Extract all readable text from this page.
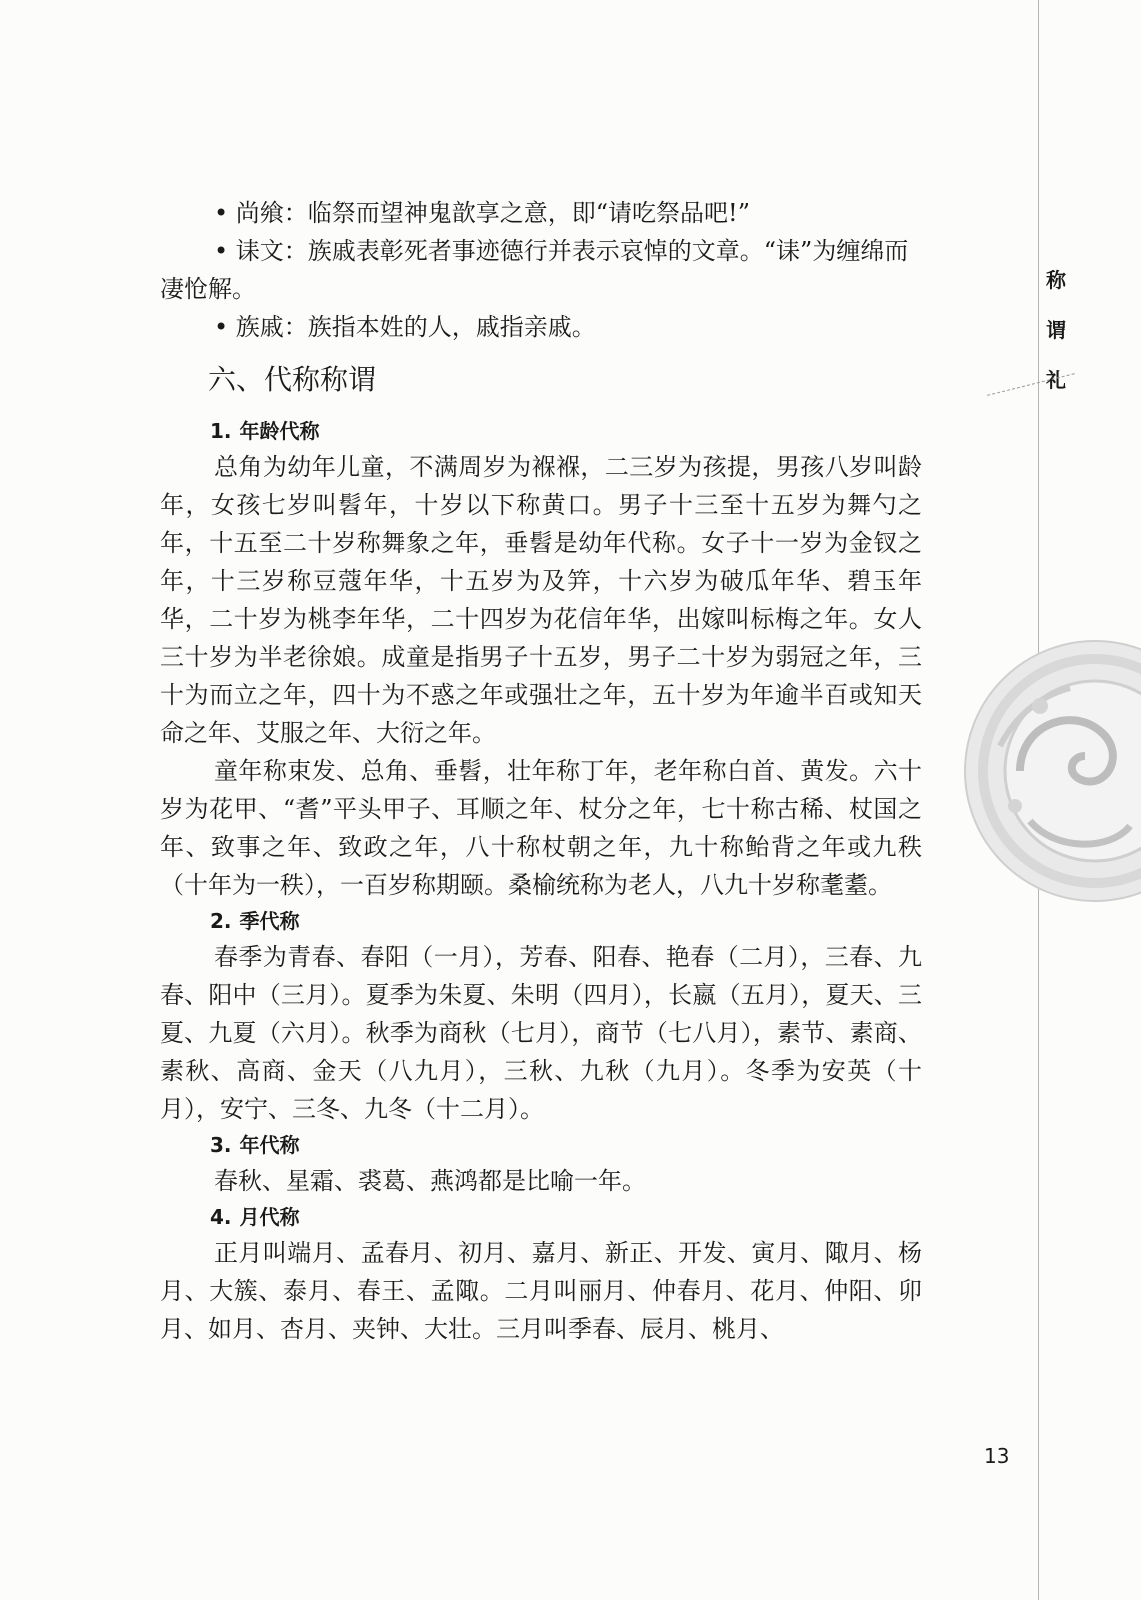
• 尚飨：临祭而望神鬼歆享之意，即“请吃祭品吧!”

• 诔文：族戚表彰死者事迹德行并表示哀悼的文章。“诔”为缠绵而凄怆解。

• 族戚：族指本姓的人，戚指亲戚。

六、代称称谓
1. 年龄代称

总角为幼年儿童，不满周岁为褓褓，二三岁为孩提，男孩八岁叫龄年，女孩七岁叫髫年，十岁以下称黄口。男子十三至十五岁为舞勺之年，十五至二十岁称舞象之年，垂髫是幼年代称。女子十一岁为金钗之年，十三岁称豆蔻年华，十五岁为及笄，十六岁为破瓜年华、碧玉年华，二十岁为桃李年华，二十四岁为花信年华，出嫁叫标梅之年。女人三十岁为半老徐娘。成童是指男子十五岁，男子二十岁为弱冠之年，三十为而立之年，四十为不惑之年或强壮之年，五十岁为年逾半百或知天命之年、艾服之年、大衍之年。

童年称束发、总角、垂髫，壮年称丁年，老年称白首、黄发。六十岁为花甲、“耆”平头甲子、耳顺之年、杖分之年，七十称古稀、杖国之年、致事之年、致政之年，八十称杖朝之年，九十称鲐背之年或九秩（十年为一秩），一百岁称期颐。桑榆统称为老人，八九十岁称耄耋。

2. 季代称

春季为青春、春阳（一月），芳春、阳春、艳春（二月），三春、九春、阳中（三月）。夏季为朱夏、朱明（四月），长嬴（五月），夏天、三夏、九夏（六月）。秋季为商秋（七月），商节（七八月），素节、素商、素秋、高商、金天（八九月），三秋、九秋（九月）。冬季为安英（十月），安宁、三冬、九冬（十二月）。

3. 年代称

春秋、星霜、裘葛、燕鸿都是比喻一年。

4. 月代称

正月叫端月、孟春月、初月、嘉月、新正、开发、寅月、陬月、杨月、大簇、泰月、春王、孟陬。二月叫丽月、仲春月、花月、仲阳、卯月、如月、杏月、夹钟、大壮。三月叫季春、辰月、桃月、

称
谓
礼
13
